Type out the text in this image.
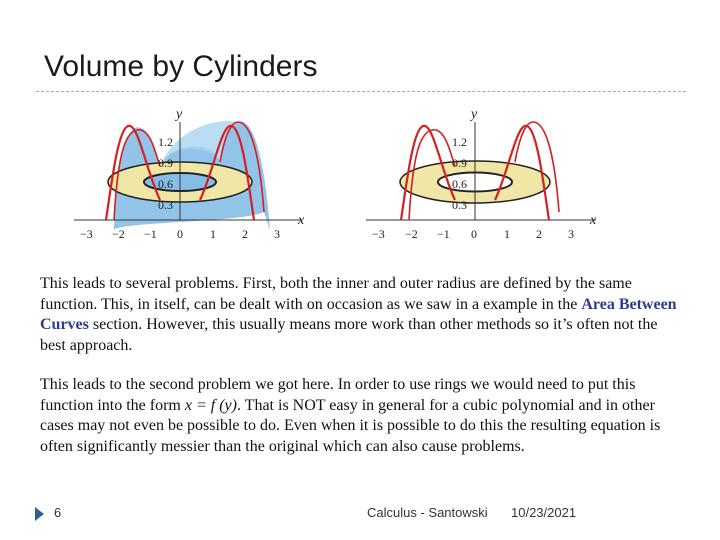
Volume by Cylinders
1.2
0.9
0.6
0.3
−3 −2 −1 0 1 2 3
y
x
1.2
0.9
0.6
0.3
−3 −2 −1 0 1 2 3
y
x

This leads to several problems. First, both the inner and outer radius are defined by the same function. This, in itself, can be dealt with on occasion as we saw in a example in the Area Between Curves section. However, this usually means more work than other methods so it’s often not the best approach.

This leads to the second problem we got here. In order to use rings we would need to put this function into the form x = f (y). That is NOT easy in general for a cubic polynomial and in other cases may not even be possible to do. Even when it is possible to do this the resulting equation is often significantly messier than the original which can also cause problems.

6	Calculus - Santowski 10/23/2021
